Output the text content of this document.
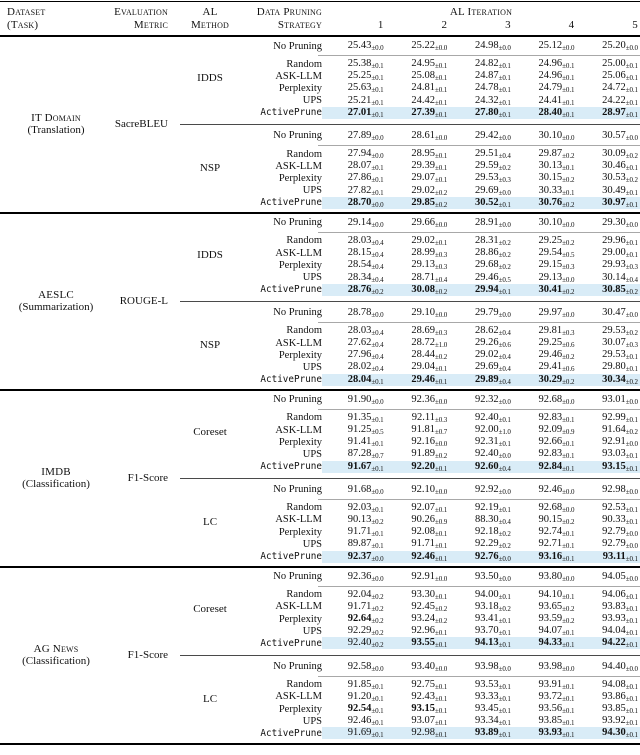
Dataset	Evaluation	AL	Data Pruning	AL Iteration
(Task)	Metric	Method	Strategy	1	2	3	4	5
IT Domain
(Translation)	SacreBLEU
IDDS
No Pruning	$25.43_{\pm 0.0}$	$25.22_{\pm 0.0}$	$24.98_{\pm 0.0}$	$25.12_{\pm 0.0}$	$25.20_{\pm 0.0}$
Random	$25.38_{\pm 0.1}$	$24.95_{\pm 0.1}$	$24.82_{\pm 0.1}$	$24.96_{\pm 0.1}$	$25.00_{\pm 0.1}$
ASK-LLM	$25.25_{\pm 0.1}$	$25.08_{\pm 0.1}$	$24.87_{\pm 0.1}$	$24.96_{\pm 0.1}$	$25.06_{\pm 0.1}$
Perplexity	$25.63_{\pm 0.1}$	$24.81_{\pm 0.1}$	$24.78_{\pm 0.1}$	$24.79_{\pm 0.1}$	$24.72_{\pm 0.1}$
UPS	$25.21_{\pm 0.1}$	$24.42_{\pm 0.1}$	$24.32_{\pm 0.1}$	$24.41_{\pm 0.1}$	$24.22_{\pm 0.1}$
ActivePrune	$27.01_{\pm 0.1}$	$27.39_{\pm 0.1}$	$27.80_{\pm 0.1}$	$28.40_{\pm 0.1}$	$28.97_{\pm 0.1}$
NSP
No Pruning	$27.89_{\pm 0.0}$	$28.61_{\pm 0.0}$	$29.42_{\pm 0.0}$	$30.10_{\pm 0.0}$	$30.57_{\pm 0.0}$
Random	$27.94_{\pm 0.0}$	$28.95_{\pm 0.1}$	$29.51_{\pm 0.4}$	$29.87_{\pm 0.2}$	$30.09_{\pm 0.2}$
ASK-LLM	$28.07_{\pm 0.1}$	$29.39_{\pm 0.1}$	$29.59_{\pm 0.2}$	$30.13_{\pm 0.1}$	$30.46_{\pm 0.1}$
Perplexity	$27.86_{\pm 0.1}$	$29.07_{\pm 0.1}$	$29.53_{\pm 0.3}$	$30.15_{\pm 0.2}$	$30.53_{\pm 0.2}$
UPS	$27.82_{\pm 0.1}$	$29.02_{\pm 0.2}$	$29.69_{\pm 0.0}$	$30.33_{\pm 0.1}$	$30.49_{\pm 0.1}$
ActivePrune	$28.70_{\pm 0.0}$	$29.85_{\pm 0.2}$	$30.52_{\pm 0.1}$	$30.76_{\pm 0.2}$	$30.97_{\pm 0.1}$
AESLC
(Summarization) ROUGE-L
IDDS
No Pruning	$29.14_{\pm 0.0}$	$29.66_{\pm 0.0}$	$28.91_{\pm 0.0}$	$30.10_{\pm 0.0}$	$29.30_{\pm 0.0}$
Random	$28.03_{\pm 0.4}$	$29.02_{\pm 0.1}$	$28.31_{\pm 0.2}$	$29.25_{\pm 0.2}$	$29.96_{\pm 0.1}$
ASK-LLM	$28.15_{\pm 0.4}$	$28.99_{\pm 0.3}$	$28.86_{\pm 0.2}$	$29.54_{\pm 0.5}$	$29.00_{\pm 0.1}$
Perplexity	$28.54_{\pm 0.4}$	$29.13_{\pm 0.3}$	$29.68_{\pm 0.2}$	$29.15_{\pm 0.3}$	$29.93_{\pm 0.3}$
UPS	$28.34_{\pm 0.4}$	$28.71_{\pm 0.4}$	$29.46_{\pm 0.5}$	$29.13_{\pm 0.0}$	$30.14_{\pm 0.4}$
ActivePrune	$28.76_{\pm 0.2}$	$30.08_{\pm 0.2}$	$29.94_{\pm 0.1}$	$30.41_{\pm 0.2}$	$30.85_{\pm 0.2}$
NSP
No Pruning	$28.78_{\pm 0.0}$	$29.10_{\pm 0.0}$	$29.79_{\pm 0.0}$	$29.97_{\pm 0.0}$	$30.47_{\pm 0.0}$
Random	$28.03_{\pm 0.4}$	$28.69_{\pm 0.3}$	$28.62_{\pm 0.4}$	$29.81_{\pm 0.3}$	$29.53_{\pm 0.2}$
ASK-LLM	$27.62_{\pm 0.4}$	$28.72_{\pm 1.0}$	$29.26_{\pm 0.6}$	$29.25_{\pm 0.6}$	$30.07_{\pm 0.3}$
Perplexity	$27.96_{\pm 0.4}$	$28.44_{\pm 0.2}$	$29.02_{\pm 0.4}$	$29.46_{\pm 0.2}$	$29.53_{\pm 0.1}$
UPS	$28.02_{\pm 0.4}$	$29.04_{\pm 0.1}$	$29.69_{\pm 0.4}$	$29.41_{\pm 0.6}$	$29.80_{\pm 0.1}$
ActivePrune	$28.04_{\pm 0.1}$	$29.46_{\pm 0.1}$	$29.89_{\pm 0.4}$	$30.29_{\pm 0.2}$	$30.34_{\pm 0.2}$
IMDB
(Classification)	F1-Score
Coreset
No Pruning	$91.90_{\pm 0.0}$	$92.36_{\pm 0.0}$	$92.32_{\pm 0.0}$	$92.68_{\pm 0.0}$	$93.01_{\pm 0.0}$
Random	$91.35_{\pm 0.1}$	$92.11_{\pm 0.3}$	$92.40_{\pm 0.1}$	$92.83_{\pm 0.1}$	$92.99_{\pm 0.1}$
ASK-LLM	$91.25_{\pm 0.5}$	$91.81_{\pm 0.7}$	$92.00_{\pm 1.0}$	$92.09_{\pm 0.9}$	$91.64_{\pm 0.2}$
Perplexity	$91.41_{\pm 0.1}$	$92.16_{\pm 0.0}$	$92.31_{\pm 0.1}$	$92.66_{\pm 0.1}$	$92.91_{\pm 0.0}$
UPS	$87.28_{\pm 0.7}$	$91.89_{\pm 0.2}$	$92.40_{\pm 0.0}$	$92.83_{\pm 0.1}$	$93.03_{\pm 0.1}$
ActivePrune	$91.67_{\pm 0.1}$	$92.20_{\pm 0.1}$	$92.60_{\pm 0.4}$	$92.84_{\pm 0.1}$	$93.15_{\pm 0.1}$
LC
No Pruning	$91.68_{\pm 0.0}$	$92.10_{\pm 0.0}$	$92.92_{\pm 0.0}$	$92.46_{\pm 0.0}$	$92.98_{\pm 0.0}$
Random	$92.03_{\pm 0.1}$	$92.07_{\pm 0.1}$	$92.19_{\pm 0.1}$	$92.68_{\pm 0.0}$	$92.53_{\pm 0.1}$
ASK-LLM	$90.13_{\pm 0.2}$	$90.26_{\pm 0.9}$	$88.30_{\pm 0.4}$	$90.15_{\pm 0.2}$	$90.33_{\pm 0.1}$
Perplexity	$91.71_{\pm 0.1}$	$92.08_{\pm 0.1}$	$92.18_{\pm 0.2}$	$92.74_{\pm 0.1}$	$92.79_{\pm 0.0}$
UPS	$89.87_{\pm 0.1}$	$91.71_{\pm 0.1}$	$92.29_{\pm 0.2}$	$92.71_{\pm 0.1}$	$92.79_{\pm 0.0}$
ActivePrune	$92.37_{\pm 0.0}$	$92.46_{\pm 0.1}$	$92.76_{\pm 0.0}$	$93.16_{\pm 0.1}$	$93.11_{\pm 0.1}$
AG News
(Classification)	F1-Score
Coreset
No Pruning	$92.36_{\pm 0.0}$	$92.91_{\pm 0.0}$	$93.50_{\pm 0.0}$	$93.80_{\pm 0.0}$	$94.05_{\pm 0.0}$
Random	$92.04_{\pm 0.2}$	$93.30_{\pm 0.1}$	$94.00_{\pm 0.1}$	$94.10_{\pm 0.1}$	$94.06_{\pm 0.1}$
ASK-LLM	$91.71_{\pm 0.2}$	$92.45_{\pm 0.2}$	$93.18_{\pm 0.2}$	$93.65_{\pm 0.2}$	$93.83_{\pm 0.1}$
Perplexity	$92.64_{\pm 0.2}$	$93.24_{\pm 0.2}$	$93.41_{\pm 0.1}$	$93.59_{\pm 0.2}$	$93.93_{\pm 0.1}$
UPS	$92.29_{\pm 0.2}$	$92.96_{\pm 0.1}$	$93.70_{\pm 0.1}$	$94.07_{\pm 0.1}$	$94.04_{\pm 0.1}$
ActivePrune	$92.40_{\pm 0.2}$	$93.55_{\pm 0.1}$	$94.13_{\pm 0.1}$	$94.33_{\pm 0.1}$	$94.22_{\pm 0.1}$
LC
No Pruning	$92.58_{\pm 0.0}$	$93.40_{\pm 0.0}$	$93.98_{\pm 0.0}$	$93.98_{\pm 0.0}$	$94.40_{\pm 0.0}$
Random	$91.85_{\pm 0.1}$	$92.75_{\pm 0.1}$	$93.53_{\pm 0.1}$	$93.91_{\pm 0.1}$	$94.08_{\pm 0.1}$
ASK-LLM	$91.20_{\pm 0.1}$	$92.43_{\pm 0.1}$	$93.33_{\pm 0.1}$	$93.72_{\pm 0.1}$	$93.86_{\pm 0.1}$
Perplexity	$92.54_{\pm 0.1}$	$93.15_{\pm 0.1}$	$93.45_{\pm 0.1}$	$93.56_{\pm 0.1}$	$93.85_{\pm 0.1}$
UPS	$92.46_{\pm 0.1}$	$93.07_{\pm 0.1}$	$93.34_{\pm 0.1}$	$93.85_{\pm 0.1}$	$93.92_{\pm 0.1}$
ActivePrune	$91.69_{\pm 0.1}$	$92.98_{\pm 0.1}$	$93.89_{\pm 0.1}$	$93.93_{\pm 0.1}$	$94.30_{\pm 0.1}$
